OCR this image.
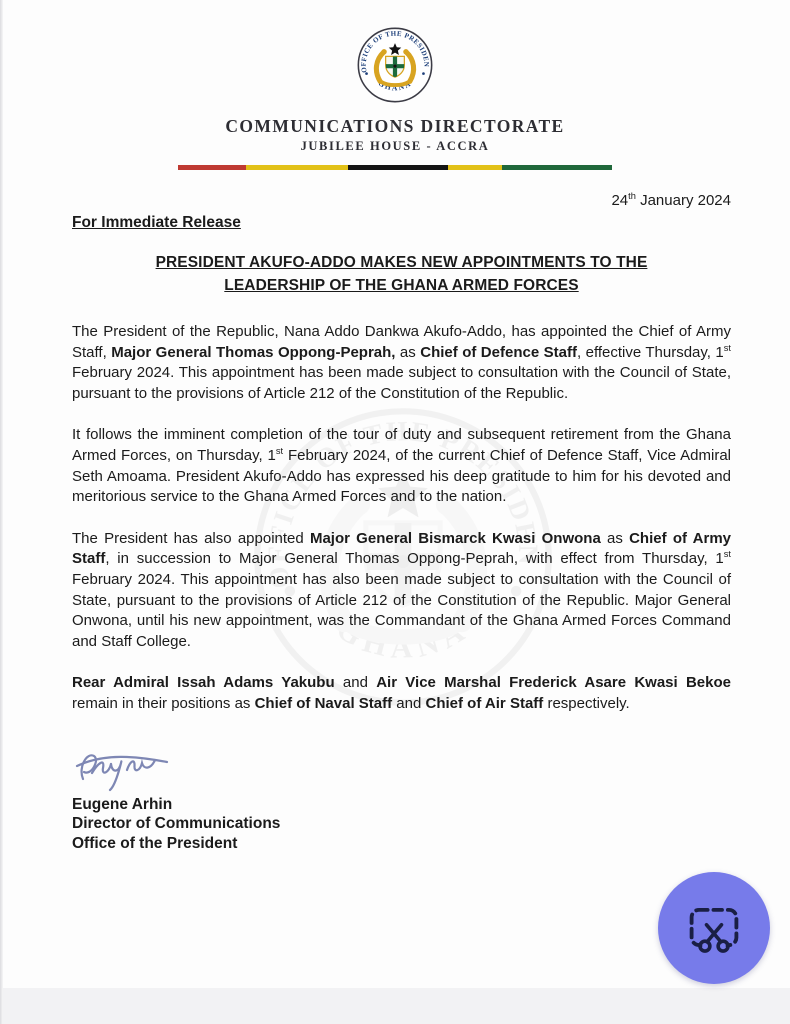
COMMUNICATIONS DIRECTORATE
JUBILEE HOUSE - ACCRA
24th January 2024
For Immediate Release
PRESIDENT AKUFO-ADDO MAKES NEW APPOINTMENTS TO THE
LEADERSHIP OF THE GHANA ARMED FORCES

The President of the Republic, Nana Addo Dankwa Akufo-Addo, has appointed the Chief of Army Staff, Major General Thomas Oppong-Peprah, as Chief of Defence Staff, effective Thursday, 1st February 2024. This appointment has been made subject to consultation with the Council of State, pursuant to the provisions of Article 212 of the Constitution of the Republic.

It follows the imminent completion of the tour of duty and subsequent retirement from the Ghana Armed Forces, on Thursday, 1st February 2024, of the current Chief of Defence Staff, Vice Admiral Seth Amoama. President Akufo-Addo has expressed his deep gratitude to him for his devoted and meritorious service to the Ghana Armed Forces and to the nation.

The President has also appointed Major General Bismarck Kwasi Onwona as Chief of Army Staff, in succession to Major General Thomas Oppong-Peprah, with effect from Thursday, 1st February 2024. This appointment has also been made subject to consultation with the Council of State, pursuant to the provisions of Article 212 of the Constitution of the Republic. Major General Onwona, until his new appointment, was the Commandant of the Ghana Armed Forces Command and Staff College.

Rear Admiral Issah Adams Yakubu and Air Vice Marshal Frederick Asare Kwasi Bekoe remain in their positions as Chief of Naval Staff and Chief of Air Staff respectively.

Eugene Arhin
Director of Communications
Office of the President
